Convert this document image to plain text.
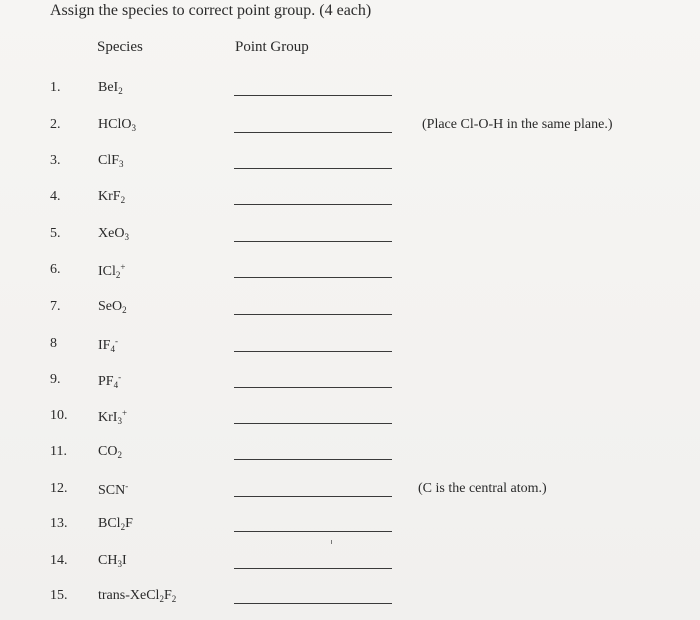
Assign the species to correct point group. (4 each)
Species	Point Group
1.	BeI$_2$
2.	HClO$_3$	(Place Cl-O-H in the same plane.)
3.	ClF$_3$
4.	KrF$_2$
5.	XeO$_3$
6.	ICl$_2$+
7.	SeO$_2$
8	$IF_4^-$
9.	$PF_4^-$
10.	KrI$_3$+
11.	$CO_2$
12.	SCN-	(C is the central atom.)
13.	BCl$_2$F
14.	$CH_3I$
15.	trans-$XeCl_2F_2$
